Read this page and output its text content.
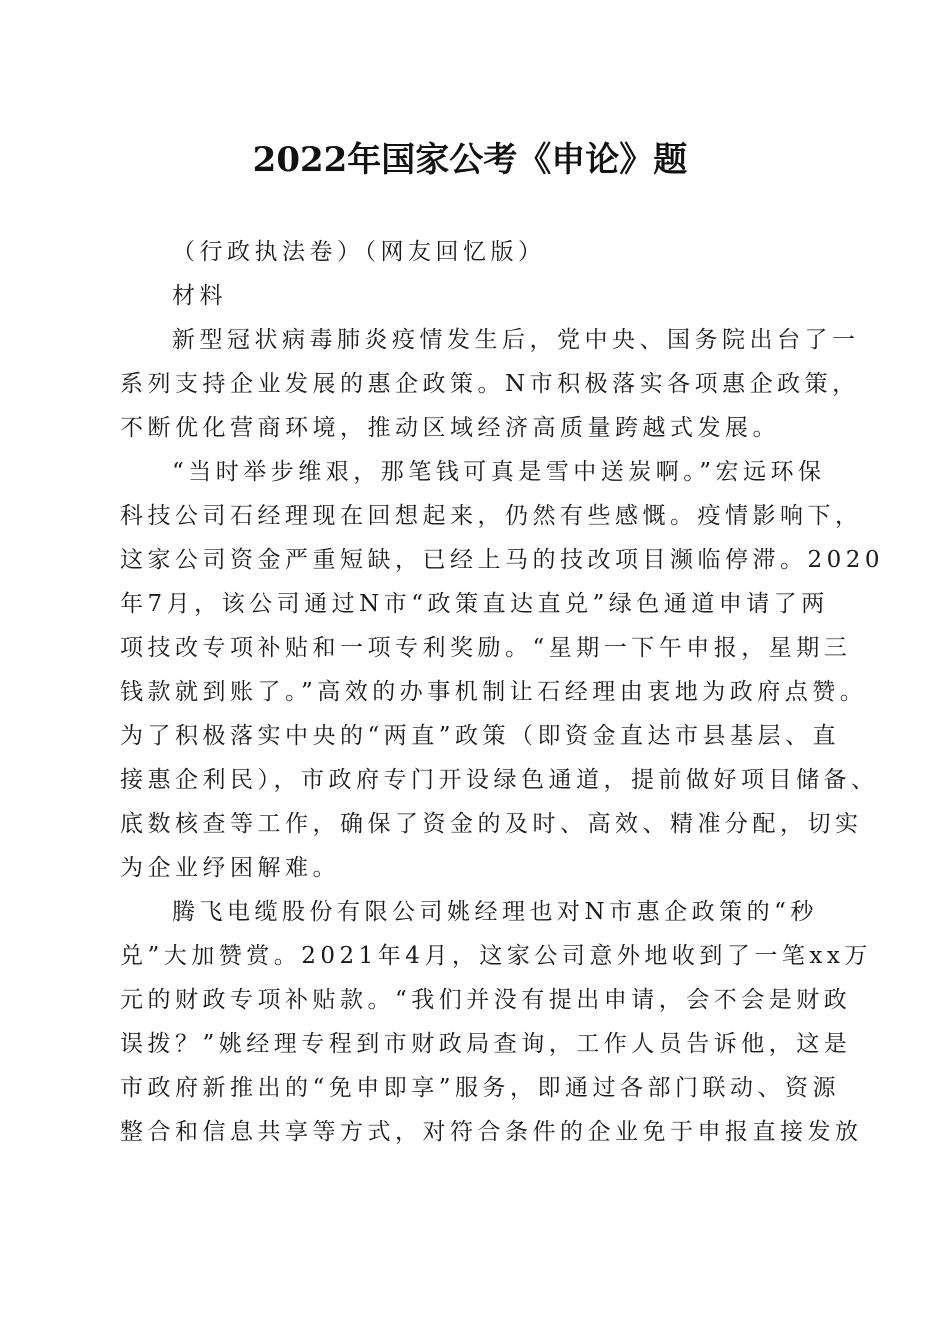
2022年国家公考《申论》题
（行政执法卷）（网友回忆版）
材料
新型冠状病毒肺炎疫情发生后，党中央、国务院出台了一
系列支持企业发展的惠企政策。N市积极落实各项惠企政策，
不断优化营商环境，推动区域经济高质量跨越式发展。
“当时举步维艰，那笔钱可真是雪中送炭啊。”宏远环保
科技公司石经理现在回想起来，仍然有些感慨。疫情影响下，
这家公司资金严重短缺，已经上马的技改项目濒临停滞。2020
年7月，该公司通过N市“政策直达直兑”绿色通道申请了两
项技改专项补贴和一项专利奖励。“星期一下午申报，星期三
钱款就到账了。”高效的办事机制让石经理由衷地为政府点赞。
为了积极落实中央的“两直”政策（即资金直达市县基层、直
接惠企利民），市政府专门开设绿色通道，提前做好项目储备、
底数核查等工作，确保了资金的及时、高效、精准分配，切实
为企业纾困解难。
腾飞电缆股份有限公司姚经理也对N市惠企政策的“秒
兑”大加赞赏。2021年4月，这家公司意外地收到了一笔xx万
元的财政专项补贴款。“我们并没有提出申请，会不会是财政
误拨？”姚经理专程到市财政局查询，工作人员告诉他，这是
市政府新推出的“免申即享”服务，即通过各部门联动、资源
整合和信息共享等方式，对符合条件的企业免于申报直接发放
